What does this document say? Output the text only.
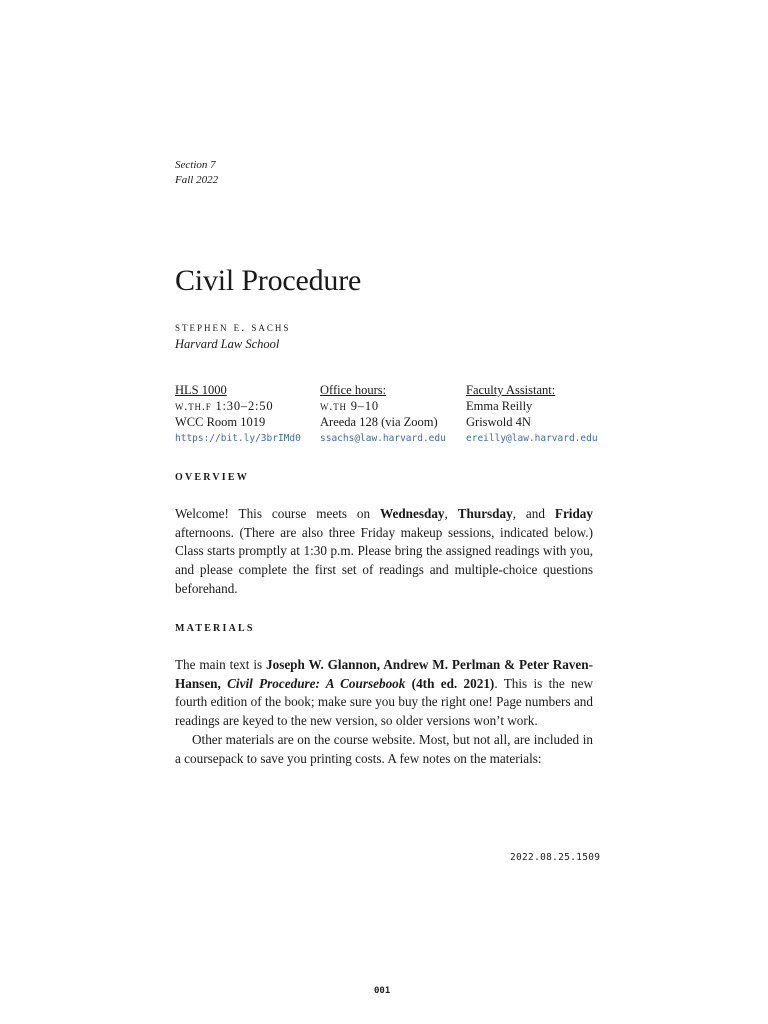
Section 7
Fall 2022
Civil Procedure
stephen e. sachs
Harvard Law School
HLS 1000
w.th.f 1:30–2:50
WCC Room 1019
https://bit.ly/3brIMd0
Office hours:
w.th 9–10
Areeda 128 (via Zoom)
ssachs@law.harvard.edu
Faculty Assistant:
Emma Reilly
Griswold 4N
ereilly@law.harvard.edu
OVERVIEW

Welcome! This course meets on Wednesday, Thursday, and Friday afternoons. (There are also three Friday makeup sessions, indicated below.) Class starts promptly at 1:30 p.m. Please bring the assigned readings with you, and please complete the first set of readings and multiple-choice questions beforehand.

MATERIALS

The main text is Joseph W. Glannon, Andrew M. Perlman & Peter Raven-Hansen, Civil Procedure: A Coursebook (4th ed. 2021). This is the new fourth edition of the book; make sure you buy the right one! Page numbers and readings are keyed to the new version, so older versions won’t work.

Other materials are on the course website. Most, but not all, are included in a coursepack to save you printing costs. A few notes on the materials:

2022.08.25.1509
001
